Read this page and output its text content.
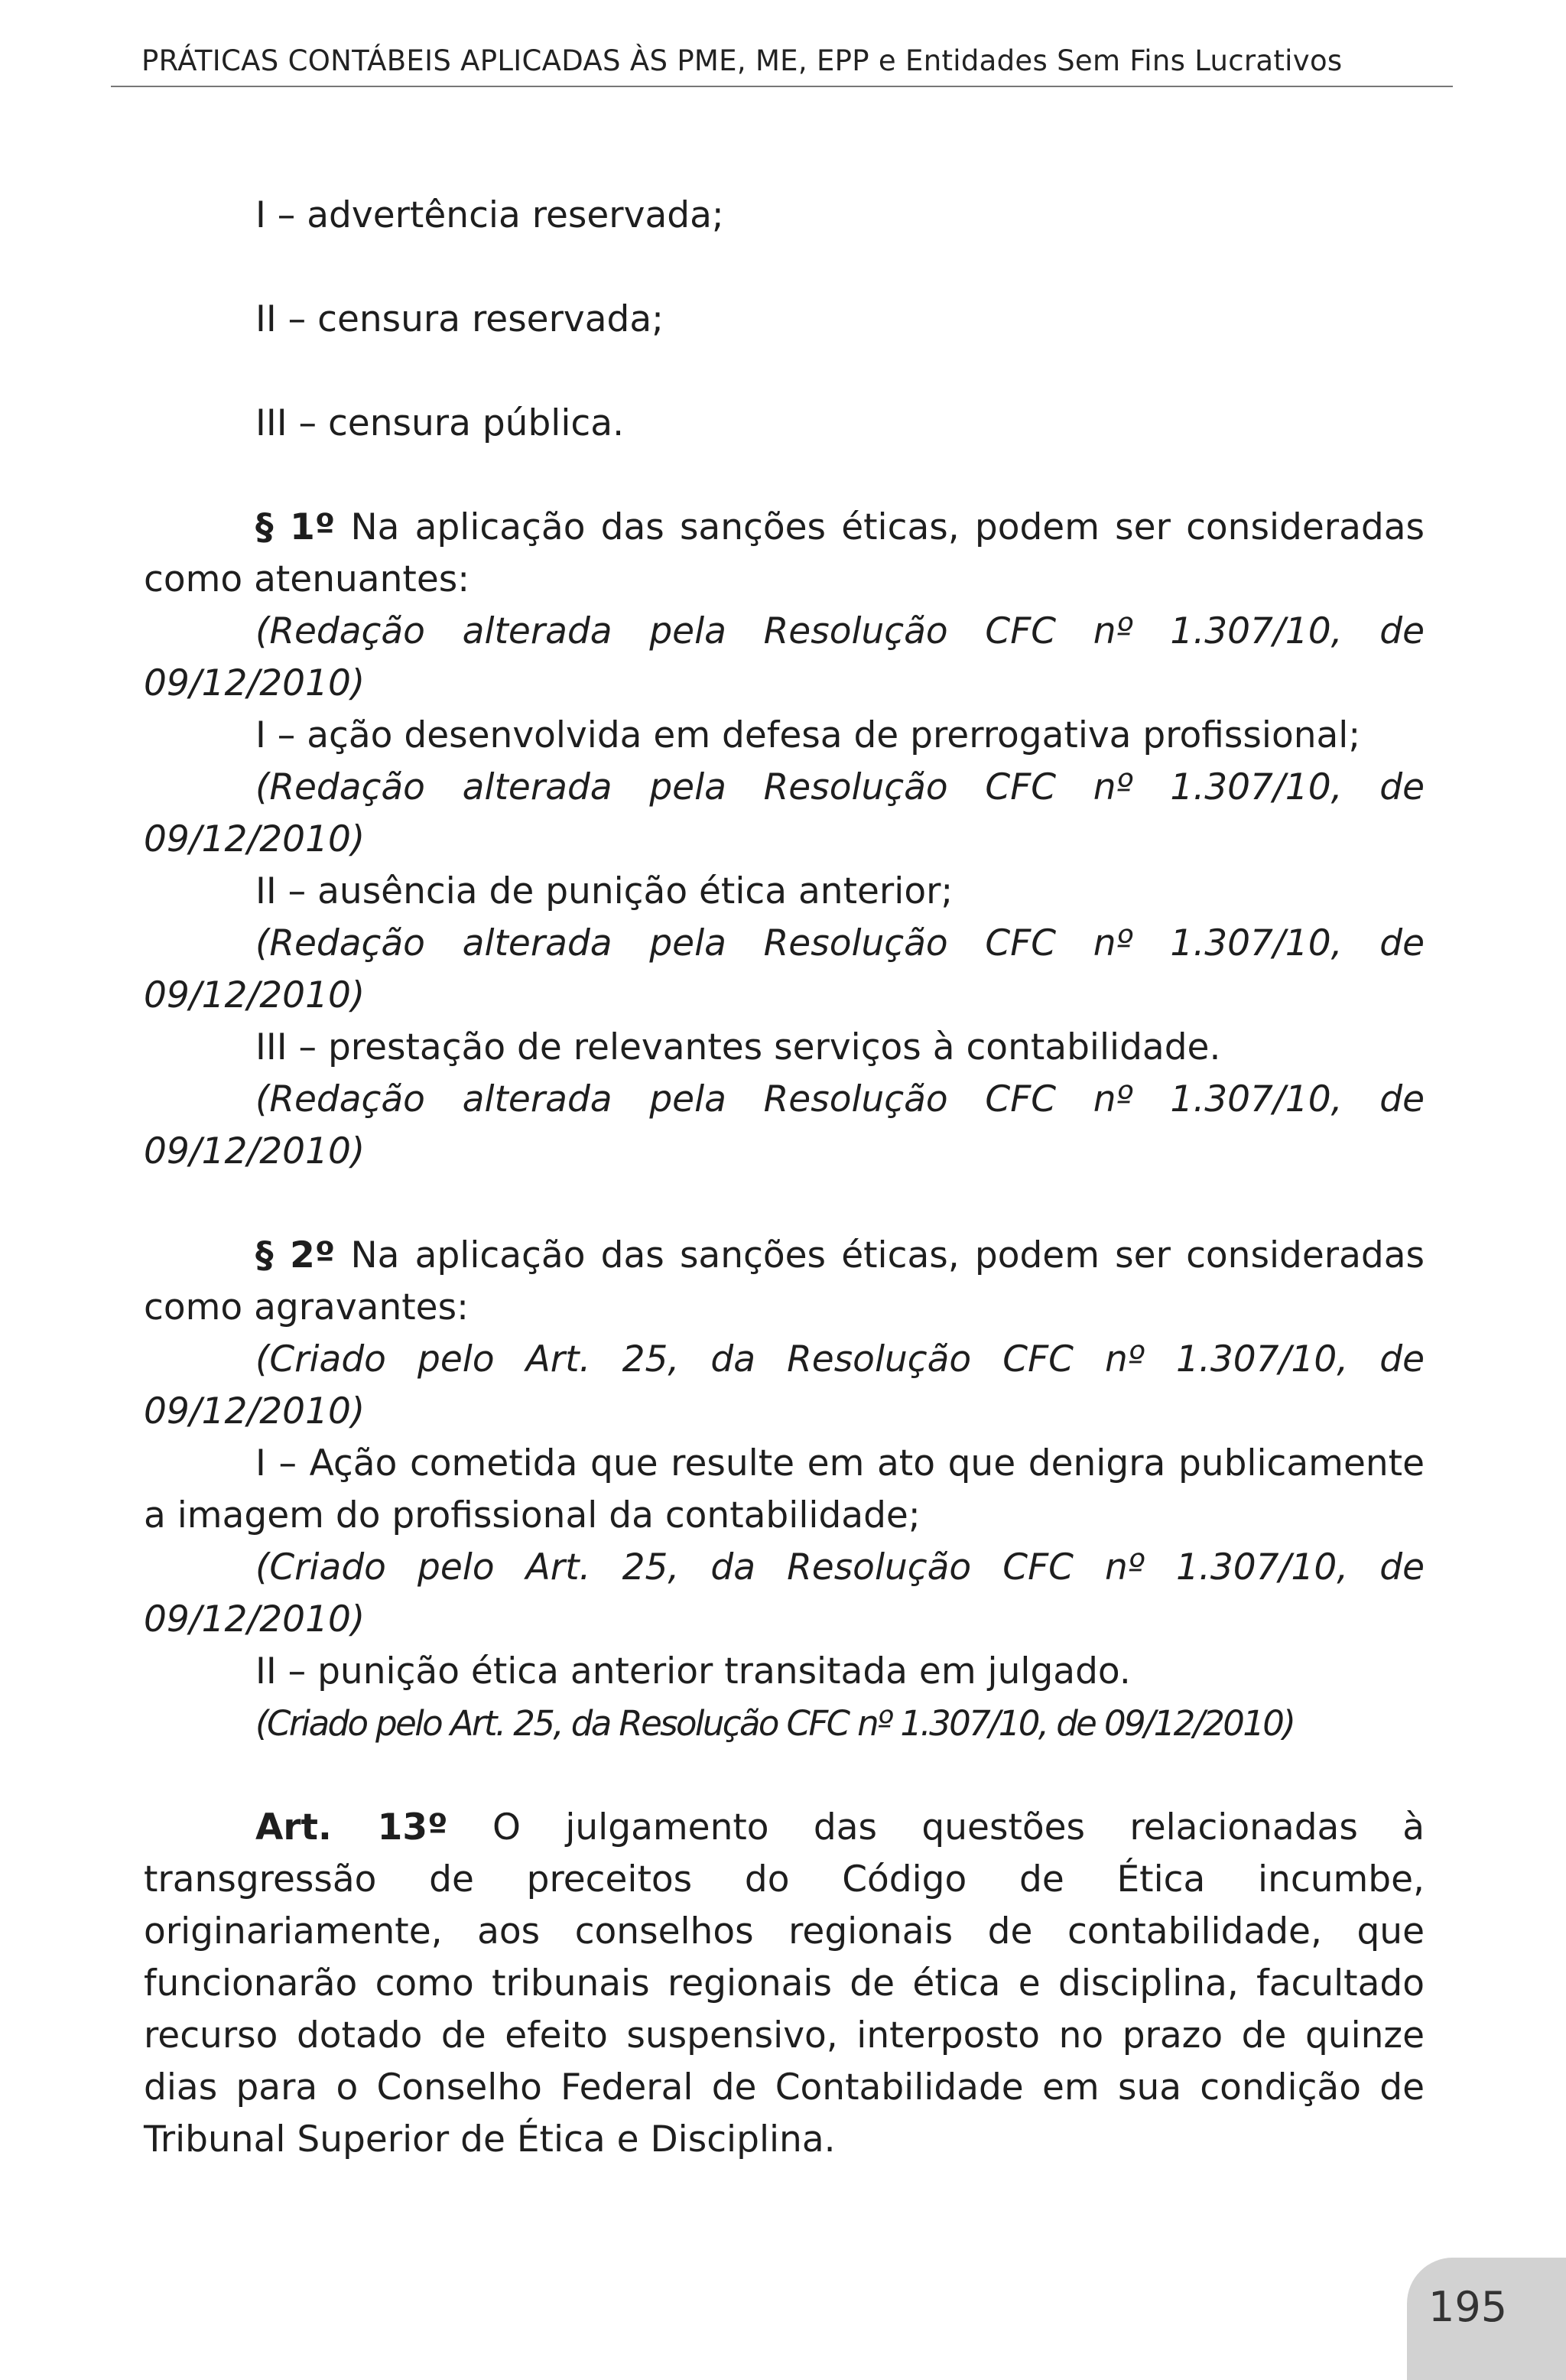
PRÁTICAS CONTÁBEIS APLICADAS ÀS PME, ME, EPP e Entidades Sem Fins Lucrativos

I – advertência reservada;

II – censura reservada;

III – censura pública.

§ 1º Na aplicação das sanções éticas, podem ser consideradas como atenuantes:

(Redação alterada pela Resolução CFC nº 1.307/10, de 09/12/2010)

I – ação desenvolvida em defesa de prerrogativa profissional;

(Redação alterada pela Resolução CFC nº 1.307/10, de 09/12/2010)

II – ausência de punição ética anterior;

(Redação alterada pela Resolução CFC nº 1.307/10, de 09/12/2010)

III – prestação de relevantes serviços à contabilidade.

(Redação alterada pela Resolução CFC nº 1.307/10, de 09/12/2010)

§ 2º Na aplicação das sanções éticas, podem ser consideradas como agravantes:

(Criado pelo Art. 25, da Resolução CFC nº 1.307/10, de 09/12/2010)

I – Ação cometida que resulte em ato que denigra publicamente a imagem do profissional da contabilidade;

(Criado pelo Art. 25, da Resolução CFC nº 1.307/10, de 09/12/2010)

II – punição ética anterior transitada em julgado.

(Criado pelo Art. 25, da Resolução CFC nº 1.307/10, de 09/12/2010)

Art. 13º O julgamento das questões relacionadas à transgressão de preceitos do Código de Ética incumbe, originariamente, aos conselhos regionais de contabilidade, que funcionarão como tribunais regionais de ética e disciplina, facultado recurso dotado de efeito suspensivo, interposto no prazo de quinze dias para o Conselho Federal de Contabilidade em sua condição de Tribunal Superior de Ética e Disciplina.

195
